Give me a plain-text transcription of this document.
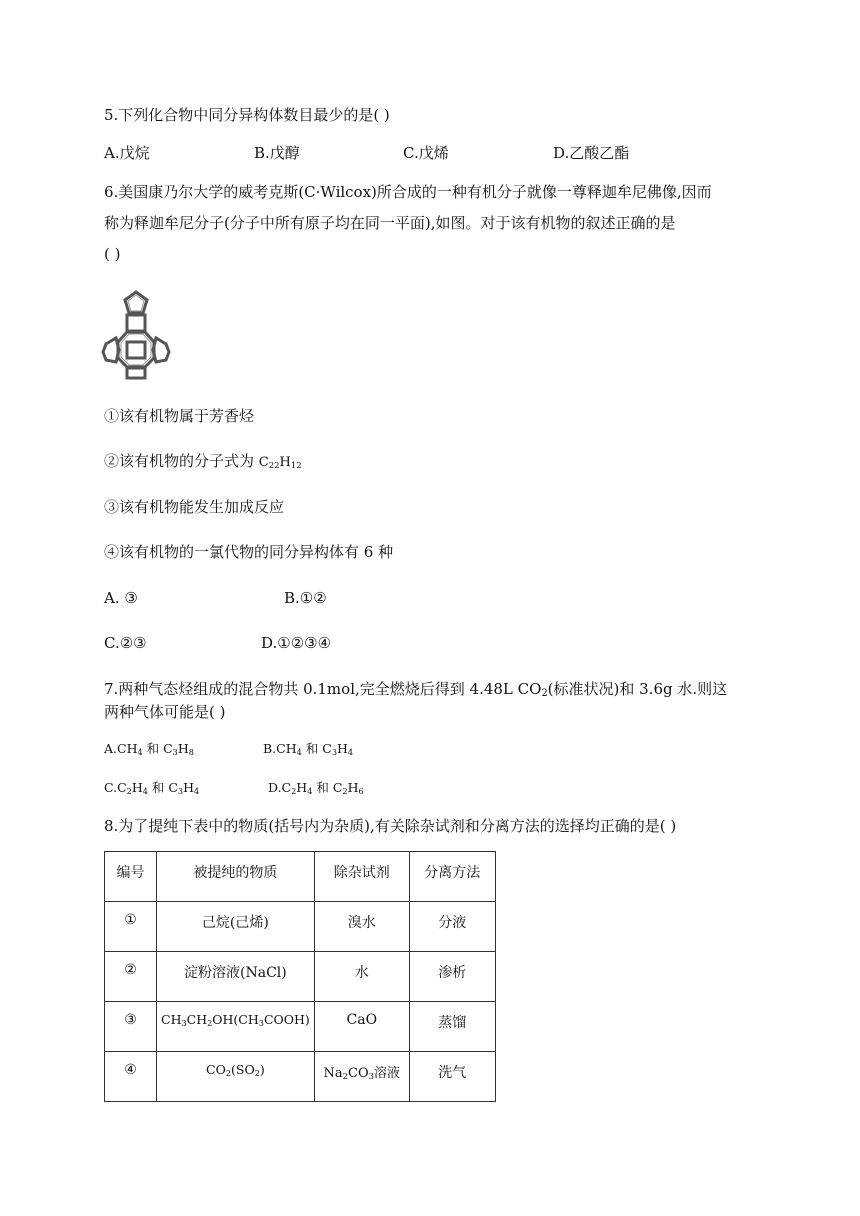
5.下列化合物中同分异构体数目最少的是( )
A.戊烷	B.戊醇	C.戊烯	D.乙酸乙酯
6.美国康乃尔大学的威考克斯(C·Wilcox)所合成的一种有机分子就像一尊释迦牟尼佛像,因而
称为释迦牟尼分子(分子中所有原子均在同一平面),如图。对于该有机物的叙述正确的是
( )
①该有机物属于芳香烃
②该有机物的分子式为 $C_{22}H_{12}$
③该有机物能发生加成反应
④该有机物的一氯代物的同分异构体有 6 种
A. ③	B.①②
C.②③	D.①②③④
7.两种气态烃组成的混合物共 0.1mol,完全燃烧后得到 4.48L $CO_2$(标准状况)和 3.6g 水.则这
两种气体可能是( )
$A.CH_4$ 和 $C_3H_8$	$B.CH_4$ 和 $C_3H_4$
$C.C_2H_4$ 和 $C_3H_4$	$D.C_2H_4$ 和 $C_2H_6$
8.为了提纯下表中的物质(括号内为杂质),有关除杂试剂和分离方法的选择均正确的是( )
编号	被提纯的物质	除杂试剂	分离方法
①	己烷(己烯)	溴水	分液
②	淀粉溶液(NaCl)	水	渗析
③	$CH_3CH_2OH(CH_3COOH)$	CaO	蒸馏
④	$CO_2(SO_2)$	$Na_2CO_3$溶液	洗气
